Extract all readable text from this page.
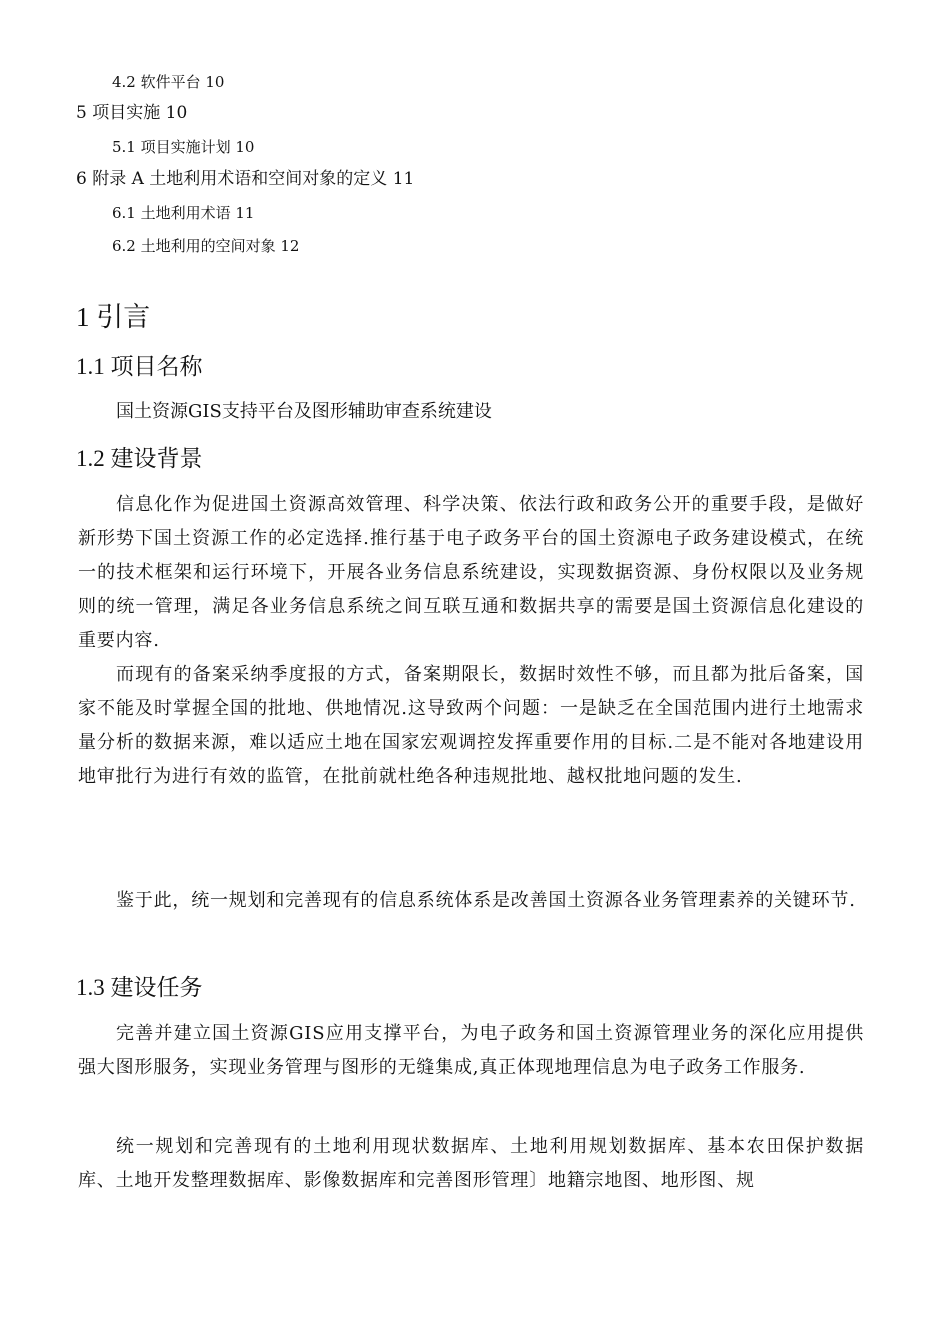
4.2 软件平台 10
5 项目实施 10
5.1 项目实施计划 10
6 附录 A 土地利用术语和空间对象的定义 11
6.1 土地利用术语 11
6.2 土地利用的空间对象 12
1 引言
1.1 项目名称
国土资源GIS支持平台及图形辅助审查系统建设
1.2 建设背景
信息化作为促进国土资源高效管理、科学决策、依法行政和政务公开的重要手段，是做好新形势下国土资源工作的必定选择.推行基于电子政务平台的国土资源电子政务建设模式，在统一的技术框架和运行环境下，开展各业务信息系统建设，实现数据资源、身份权限以及业务规则的统一管理，满足各业务信息系统之间互联互通和数据共享的需要是国土资源信息化建设的重要内容.
而现有的备案采纳季度报的方式，备案期限长，数据时效性不够，而且都为批后备案，国家不能及时掌握全国的批地、供地情况.这导致两个问题：一是缺乏在全国范围内进行土地需求量分析的数据来源，难以适应土地在国家宏观调控发挥重要作用的目标.二是不能对各地建设用地审批行为进行有效的监管，在批前就杜绝各种违规批地、越权批地问题的发生.
鉴于此，统一规划和完善现有的信息系统体系是改善国土资源各业务管理素养的关键环节.
1.3 建设任务
完善并建立国土资源GIS应用支撑平台，为电子政务和国土资源管理业务的深化应用提供强大图形服务，实现业务管理与图形的无缝集成,真正体现地理信息为电子政务工作服务.
统一规划和完善现有的土地利用现状数据库、土地利用规划数据库、基本农田保护数据库、土地开发整理数据库、影像数据库和完善图形管理〕地籍宗地图、地形图、规
